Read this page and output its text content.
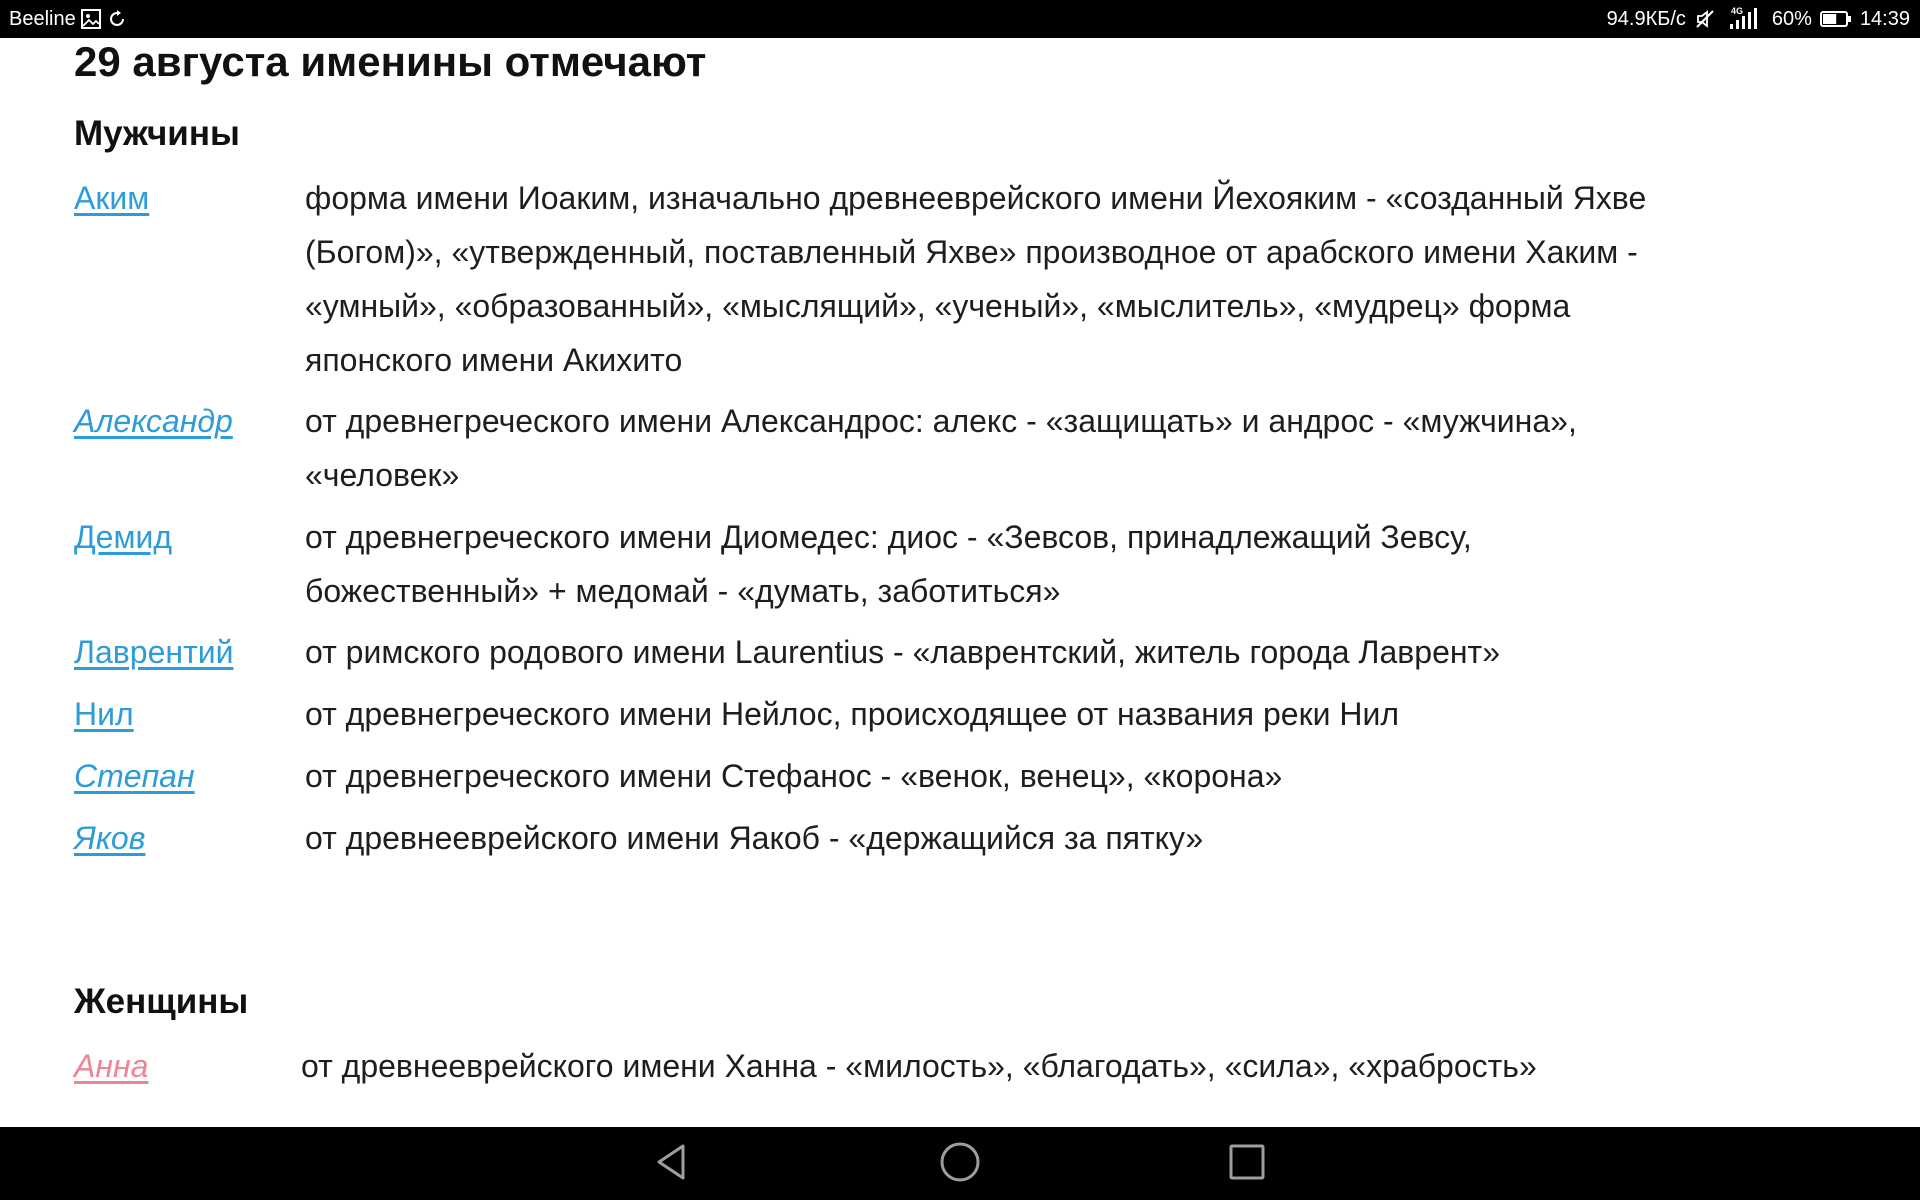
Beeline	94.9КБ/с	4G 60% 14:39
29 августа именины отмечают
Мужчины
Аким	форма имени Иоаким, изначально древнееврейского имени Йехояким - «созданный Яхве (Богом)», «утвержденный, поставленный Яхве» производное от арабского имени Хаким - «умный», «образованный», «мыслящий», «ученый», «мыслитель», «мудрец» форма японского имени Акихито
Александр от древнегреческого имени Александрос: алекс - «защищать» и андрос - «мужчина», «человек»
Демид	от древнегреческого имени Диомедес: диос - «Зевсов, принадлежащий Зевсу, божественный» + медомай - «думать, заботиться»
Лаврентий от римского родового имени Laurentius - «лаврентский, житель города Лаврент»
Нил	от древнегреческого имени Нейлос, происходящее от названия реки Нил
Степан	от древнегреческого имени Стефанос - «венок, венец», «корона»
Яков	от древнееврейского имени Яакоб - «держащийся за пятку»
Женщины
Анна	от древнееврейского имени Ханна - «милость», «благодать», «сила», «храбрость»
